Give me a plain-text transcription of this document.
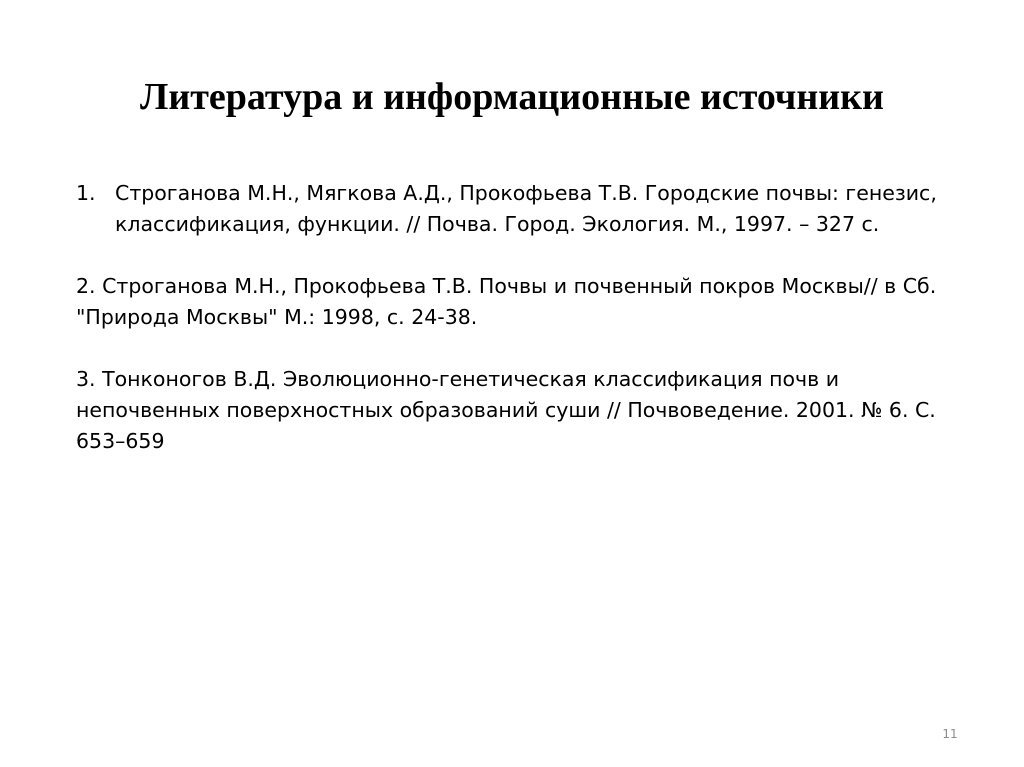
Литература и информационные источники
1. Строганова М.Н., Мягкова А.Д., Прокофьева Т.В. Городские почвы: генезис, классификация, функции. // Почва. Город. Экология. М., 1997. – 327 с.

2. Строганова М.Н., Прокофьева Т.В. Почвы и почвенный покров Москвы// в Сб. "Природа Москвы" М.: 1998, с. 24-38.

3. Тонконогов В.Д. Эволюционно-генетическая классификация почв и непочвенных поверхностных образований суши // Почвоведение. 2001. № 6. С. 653–659

11
